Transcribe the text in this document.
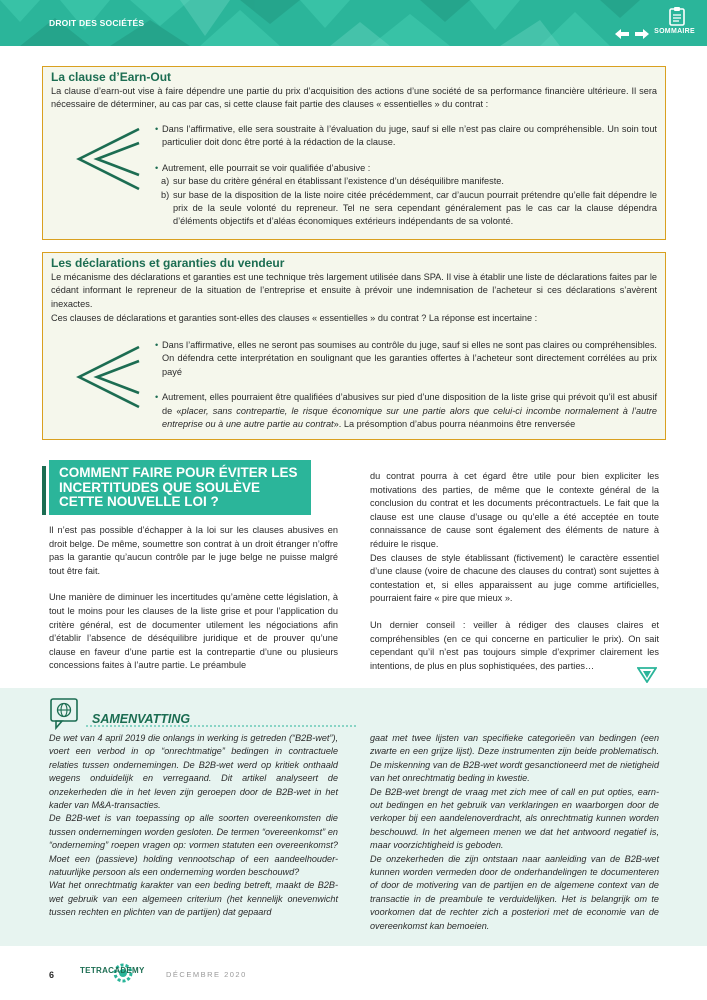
DROIT DES SOCIÉTÉS
SOMMAIRE
La clause d’Earn-Out

La clause d’earn-out vise à faire dépendre une partie du prix d’acquisition des actions d’une société de sa performance financière ultérieure. Il sera nécessaire de déterminer, au cas par cas, si cette clause fait partie des clauses « essentielles » du contrat :

• Dans l’affirmative, elle sera soustraite à l’évaluation du juge, sauf si elle n’est pas claire ou compréhensible. Un soin tout particulier doit donc être porté à la rédaction de la clause.
• Autrement, elle pourrait se voir qualifiée d’abusive :
a) sur base du critère général en établissant l’existence d’un déséquilibre manifeste.
b) sur base de la disposition de la liste noire citée précédemment, car d’aucun pourrait prétendre qu’elle fait dépendre le prix de la seule volonté du repreneur. Tel ne sera cependant généralement pas le cas car la clause dépendra d’éléments objectifs et d’aléas économiques extérieurs indépendants de sa volonté.
Les déclarations et garanties du vendeur

Le mécanisme des déclarations et garanties est une technique très largement utilisée dans SPA. Il vise à établir une liste de déclarations faites par le cédant informant le repreneur de la situation de l’entreprise et ensuite à prévoir une indemnisation de l’acheteur si ces déclarations s’avèrent inexactes.

Ces clauses de déclarations et garanties sont-elles des clauses « essentielles » du contrat ? La réponse est incertaine :

• Dans l’affirmative, elles ne seront pas soumises au contrôle du juge, sauf si elles ne sont pas claires ou compréhensibles. On défendra cette interprétation en soulignant que les garanties offertes à l’acheteur sont directement corrélées au prix payé
• Autrement, elles pourraient être qualifiées d’abusives sur pied d’une disposition de la liste grise qui prévoit qu’il est abusif de «placer, sans contrepartie, le risque économique sur une partie alors que celui-ci incombe normalement à l’autre entreprise ou à une autre partie au contrat». La présomption d’abus pourra néanmoins être renversée
COMMENT FAIRE POUR ÉVITER LES INCERTITUDES QUE SOULÈVE CETTE NOUVELLE LOI ?

Il n’est pas possible d’échapper à la loi sur les clauses abusives en droit belge. De même, soumettre son contrat à un droit étranger n’offre pas la garantie qu’aucun contrôle par le juge belge ne puisse malgré tout être fait.

Une manière de diminuer les incertitudes qu’amène cette législation, à tout le moins pour les clauses de la liste grise et pour l’application du critère général, est de documenter utilement les négociations afin d’établir l’absence de déséquilibre juridique et de prouver qu’une clause en faveur d’une partie est la contrepartie d’une ou plusieurs concessions faites à l’autre partie. Le préambule

du contrat pourra à cet égard être utile pour bien expliciter les motivations des parties, de même que le contexte général de la conclusion du contrat et les documents précontractuels. Le fait que la clause est une clause d’usage ou qu’elle a été acceptée en toute connaissance de cause sont également des éléments de nature à réduire le risque.

Des clauses de style établissant (fictivement) le caractère essentiel d’une clause (voire de chacune des clauses du contrat) sont sujettes à contestation et, si elles apparaissent au juge comme artificielles, pourraient faire « pire que mieux ».

Un dernier conseil : veiller à rédiger des clauses claires et compréhensibles (en ce qui concerne en particulier le prix). On sait cependant qu’il n’est pas toujours simple d’exprimer clairement les intentions, de plus en plus sophistiquées, des parties…

SAMENVATTING

De wet van 4 april 2019 die onlangs in werking is getreden (“B2B-wet”), voert een verbod in op “onrechtmatige” bedingen in contractuele relaties tussen ondernemingen. De B2B-wet werd op kritiek onthaald wegens onduidelijk en verregaand. Dit artikel analyseert de onzekerheden die in het leven zijn geroepen door de B2B-wet in het kader van M&A-transacties.

De B2B-wet is van toepassing op alle soorten overeenkomsten die tussen ondernemingen worden gesloten. De termen “overeenkomst” en “onderneming” roepen vragen op: vormen statuten een overeenkomst? Moet een (passieve) holding vennootschap of een aandeelhouder-natuurlijke persoon als een onderneming worden beschouwd?

Wat het onrechtmatig karakter van een beding betreft, maakt de B2B-wet gebruik van een algemeen criterium (het kennelijk onevenwicht tussen rechten en plichten van de partijen) dat gepaard

gaat met twee lijsten van specifieke categorieën van bedingen (een zwarte en een grijze lijst). Deze instrumenten zijn beide problematisch. De miskenning van de B2B-wet wordt gesanctioneerd met de nietigheid van het onrechtmatig beding in kwestie.

De B2B-wet brengt de vraag met zich mee of call en put opties, earn-out bedingen en het gebruik van verklaringen en waarborgen door de verkoper bij een aandelenoverdracht, als onrechtmatig kunnen worden beschouwd. In het algemeen menen we dat het antwoord negatief is, maar voorzichtigheid is geboden.

De onzekerheden die zijn ontstaan naar aanleiding van de B2B-wet kunnen worden vermeden door de onderhandelingen te documenteren of door de motivering van de partijen en de algemene context van de transactie in de preambule te verduidelijken. Het is belangrijk om te voorkomen dat de rechter zich a posteriori met de economie van de overeenkomst kan bemoeien.

6	TETRACADEMY	DÉCEMBRE 2020
